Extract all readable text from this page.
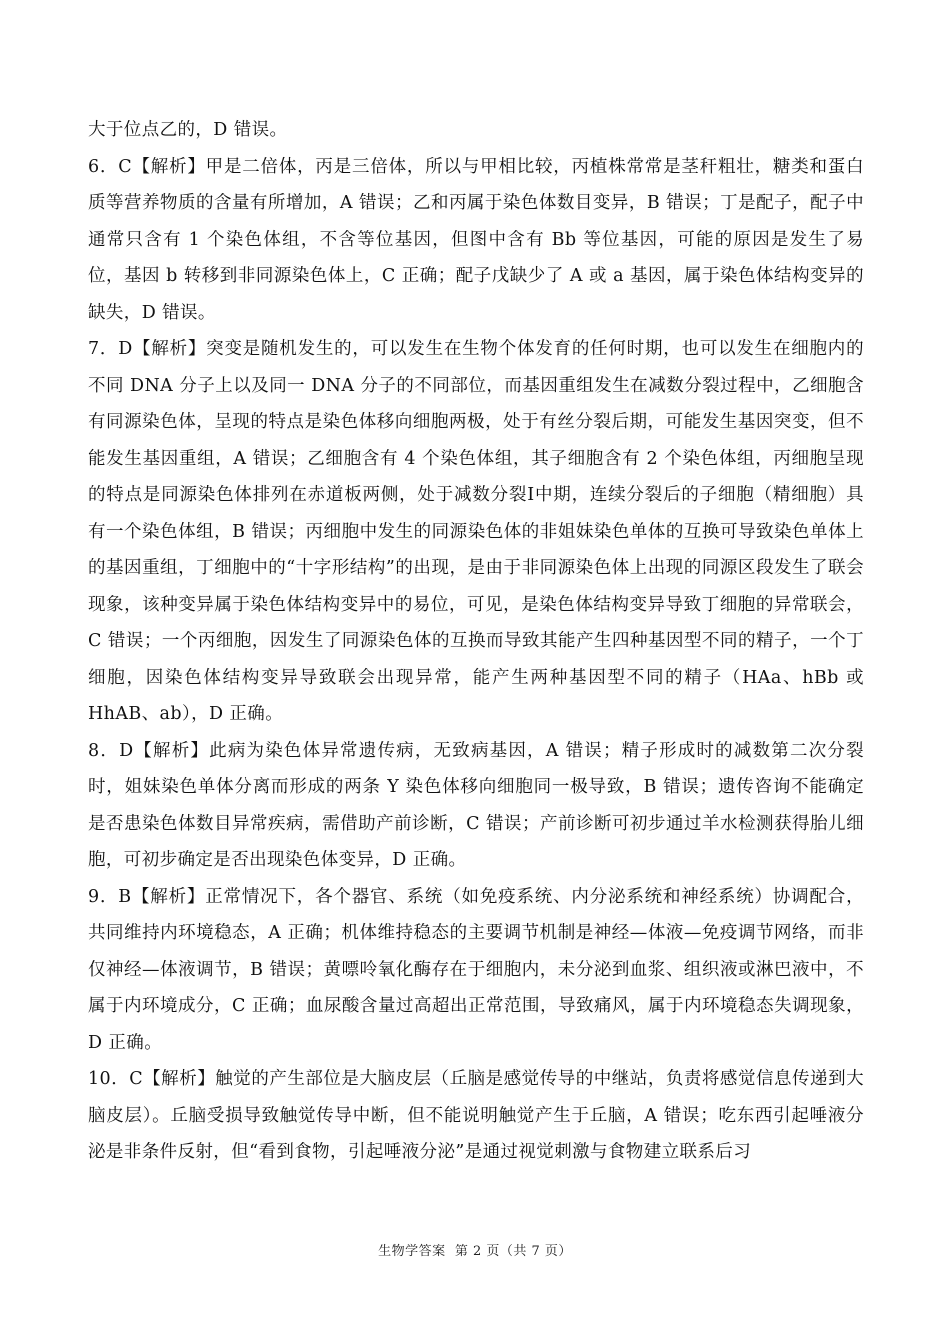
大于位点乙的，D 错误。

6．C【解析】甲是二倍体，丙是三倍体，所以与甲相比较，丙植株常常是茎秆粗壮，糖类和蛋白质等营养物质的含量有所增加，A 错误；乙和丙属于染色体数目变异，B 错误；丁是配子，配子中通常只含有 1 个染色体组，不含等位基因，但图中含有 Bb 等位基因，可能的原因是发生了易位，基因 b 转移到非同源染色体上，C 正确；配子戊缺少了 A 或 a 基因，属于染色体结构变异的缺失，D 错误。

7．D【解析】突变是随机发生的，可以发生在生物个体发育的任何时期，也可以发生在细胞内的不同 DNA 分子上以及同一 DNA 分子的不同部位，而基因重组发生在减数分裂过程中，乙细胞含有同源染色体，呈现的特点是染色体移向细胞两极，处于有丝分裂后期，可能发生基因突变，但不能发生基因重组，A 错误；乙细胞含有 4 个染色体组，其子细胞含有 2 个染色体组，丙细胞呈现的特点是同源染色体排列在赤道板两侧，处于减数分裂Ⅰ中期，连续分裂后的子细胞（精细胞）具有一个染色体组，B 错误；丙细胞中发生的同源染色体的非姐妹染色单体的互换可导致染色单体上的基因重组，丁细胞中的“十字形结构”的出现，是由于非同源染色体上出现的同源区段发生了联会现象，该种变异属于染色体结构变异中的易位，可见，是染色体结构变异导致丁细胞的异常联会，C 错误；一个丙细胞，因发生了同源染色体的互换而导致其能产生四种基因型不同的精子，一个丁细胞，因染色体结构变异导致联会出现异常，能产生两种基因型不同的精子（HAa、hBb 或 HhAB、ab），D 正确。

8．D【解析】此病为染色体异常遗传病，无致病基因，A 错误；精子形成时的减数第二次分裂时，姐妹染色单体分离而形成的两条 Y 染色体移向细胞同一极导致，B 错误；遗传咨询不能确定是否患染色体数目异常疾病，需借助产前诊断，C 错误；产前诊断可初步通过羊水检测获得胎儿细胞，可初步确定是否出现染色体变异，D 正确。

9．B【解析】正常情况下，各个器官、系统（如免疫系统、内分泌系统和神经系统）协调配合，共同维持内环境稳态，A 正确；机体维持稳态的主要调节机制是神经—体液—免疫调节网络，而非仅神经—体液调节，B 错误；黄嘌呤氧化酶存在于细胞内，未分泌到血浆、组织液或淋巴液中，不属于内环境成分，C 正确；血尿酸含量过高超出正常范围，导致痛风，属于内环境稳态失调现象，D 正确。

10．C【解析】触觉的产生部位是大脑皮层（丘脑是感觉传导的中继站，负责将感觉信息传递到大脑皮层）。丘脑受损导致触觉传导中断，但不能说明触觉产生于丘脑，A 错误；吃东西引起唾液分泌是非条件反射，但“看到食物，引起唾液分泌”是通过视觉刺激与食物建立联系后习

生物学答案 第 2 页（共 7 页）
